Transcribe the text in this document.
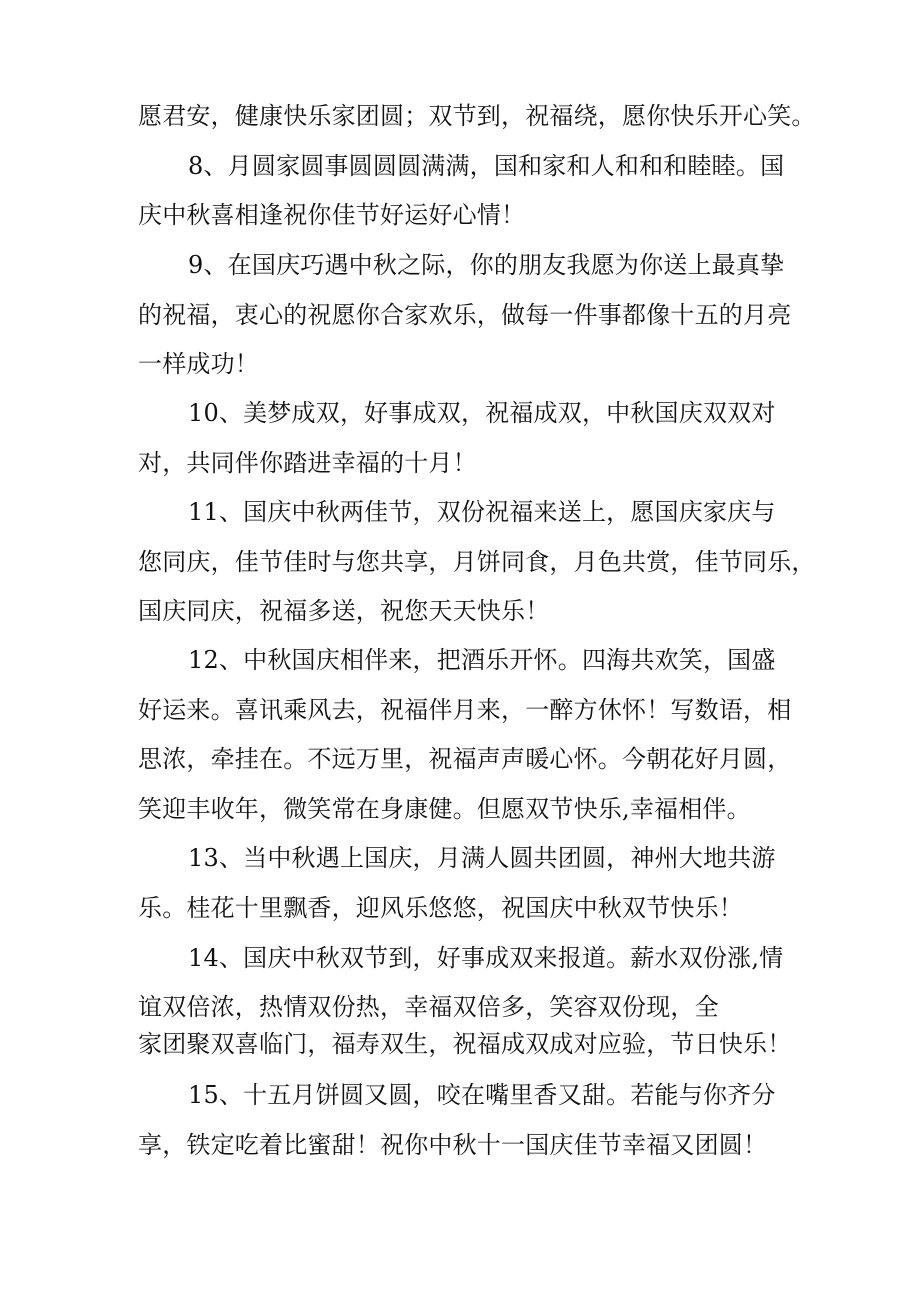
愿君安，健康快乐家团圆；双节到，祝福绕，愿你快乐开心笑。
8、月圆家圆事圆圆圆满满，国和家和人和和和睦睦。国
庆中秋喜相逢祝你佳节好运好心情！
9、在国庆巧遇中秋之际，你的朋友我愿为你送上最真挚
的祝福，衷心的祝愿你合家欢乐，做每一件事都像十五的月亮
一样成功！
10、美梦成双，好事成双，祝福成双，中秋国庆双双对
对，共同伴你踏进幸福的十月！
11、国庆中秋两佳节，双份祝福来送上，愿国庆家庆与
您同庆，佳节佳时与您共享，月饼同食，月色共赏，佳节同乐，
国庆同庆，祝福多送，祝您天天快乐！
12、中秋国庆相伴来，把酒乐开怀。四海共欢笑，国盛
好运来。喜讯乘风去，祝福伴月来，一醉方休怀！写数语，相
思浓，牵挂在。不远万里，祝福声声暖心怀。今朝花好月圆，
笑迎丰收年，微笑常在身康健。但愿双节快乐,幸福相伴。
13、当中秋遇上国庆，月满人圆共团圆，神州大地共游
乐。桂花十里飘香，迎风乐悠悠，祝国庆中秋双节快乐！
14、国庆中秋双节到，好事成双来报道。薪水双份涨,情
谊双倍浓，热情双份热，幸福双倍多，笑容双份现，全
家团聚双喜临门，福寿双生，祝福成双成对应验，节日快乐！
15、十五月饼圆又圆，咬在嘴里香又甜。若能与你齐分
享，铁定吃着比蜜甜！祝你中秋十一国庆佳节幸福又团圆！
